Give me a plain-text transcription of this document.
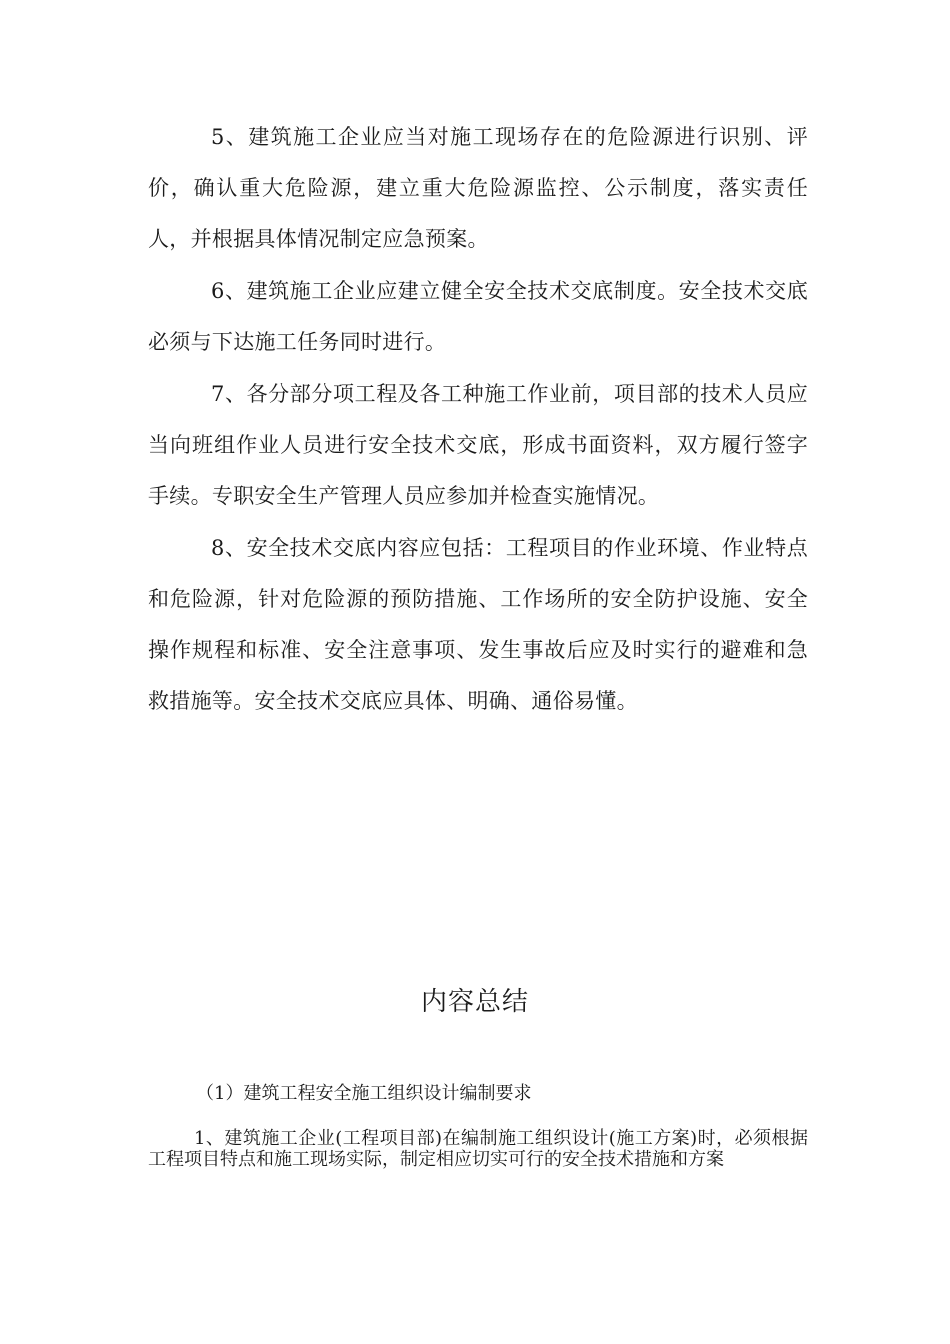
5、建筑施工企业应当对施工现场存在的危险源进行识别、评价，确认重大危险源，建立重大危险源监控、公示制度，落实责任人，并根据具体情况制定应急预案。

6、建筑施工企业应建立健全安全技术交底制度。安全技术交底必须与下达施工任务同时进行。

7、各分部分项工程及各工种施工作业前，项目部的技术人员应当向班组作业人员进行安全技术交底，形成书面资料，双方履行签字手续。专职安全生产管理人员应参加并检查实施情况。

8、安全技术交底内容应包括：工程项目的作业环境、作业特点和危险源，针对危险源的预防措施、工作场所的安全防护设施、安全操作规程和标准、安全注意事项、发生事故后应及时实行的避难和急救措施等。安全技术交底应具体、明确、通俗易懂。

内容总结

（1）建筑工程安全施工组织设计编制要求

1、建筑施工企业(工程项目部)在编制施工组织设计(施工方案)时，必须根据工程项目特点和施工现场实际，制定相应切实可行的安全技术措施和方案
